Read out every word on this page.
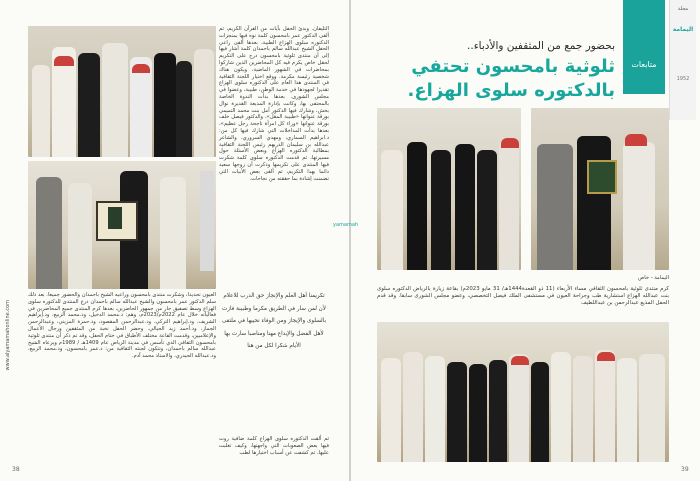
التليفان. وبدئ الحفل بآيات من القرآن الكريم، ثم ألقى الدكتور عمر بامحسون كلمة نوه فيها بمنجزات الدكتوره سلوى الهزاع الطبية، بعدها ألقى راعي الحفل الشيخ عبدالله سالم باحمدان كلمة أشار فيها إلى أن منتدى ثلوثية بامحسون درج على التكريم لحقل خاص يكرم فيه كل المحاضرين الذين شاركوا بمحاضرات في الشهور الماضية، ويكون هناك شخصية رئيسة مكرمة. ووقع اختيار اللجنة الثقافية في المنتدى هذا العام على الدكتوره سلوى الهزاع تقديرا لجهودها في خدمة الوطن، طبيبة، وعضوا في مجلس الشورى. بعدها بدأت الندوة الخاصة بالمحتفى بها، وكانت بإدارة المذيعة القديرة نوال بخش، وشارك فيها الدكتور أمل بنت محمد التميمي بورقة عنوانها «طبيبة المقل»، والدكتور فيصل خلف بورقة عنوانها «وراء كل امرأة ناجحة رجل عظيم»، بعدها بدأت المداخلات التي شارك فيها كل من: د.ابراهيم السماري، ومهدي السروري، والشاعر عبدالله بن سليمان الدريهم رئيس اللجنة الثقافية بمطالبة الدكتوره الهزاع وبعض الأسئلة حول مسيرتها، ثم قدمت الدكتوره سلوى كلمة شكرت فيها المنتدى على تكريمها وذكرت أن زوجها سعيد دائما بهذا التكريم، ثم ألقى بعض الأبيات التي تضمنت إشادة بما حققته من نجاحات.
تكريمنا أهل العلم والإنجاز حق الدرب للاعلام لأن لمن سار في الطريق مكرما وطبيبة فازت بالسلوى والإيجاز ومن الوفاء نحييها في ملتقى لأهل الفضل والإبداع مهنا ومناصبا سارت بها الأيام شكرا لكل من هنا
العيون تحديدا، وشكرت منتدى بامحسون وراعيه الشيخ باحمدان والحضور جميعا. بعد ذلك سلم الدكتور عمر بامحسون والشيخ عبدالله سالم باحمدان درع المنتدى للدكتوره سلوى الهزاع وسط تصفيق حار من جمهور الحاضرين، بعدها كرم المنتدى جميع المحاضرين في فعالياته خلال عام 2022م/2023م، وهم: د.محمد الدخيل، ود.محمد الربيع، ود.إبراهيم الشريف، ود.إبراهيم التركي، ود.عبدالرحمن المقصود، ود.حمزة المزيني، وعبدالرحمن الجماز، ود.أحمد زيد الحيالي. وحضر الحفل نخبة من المثقفين ورجال الأعمال والإعلاميين، وقدمت القاعة مختلف الأطباق في ختام الحفل، وقد تم ذكر أن منتدى ثلوثية بامحسون الثقافي الذي تأسس في مدينة الرياض عام 1409هـ / 1989م ويرعاه الشيخ عبدالله سالم باحمدان، وتتكون لجنته الثقافية من: د.عمر بامحسون، ود.محمد الربيع، ود.عبدالله الحيدري، والاستاذ محمد آدم.
ثم ألقت الدكتوره سلوى الهزاع كلمة ضافية روت فيها بعض الصعوبات التي واجهتها، وكيف تغلبت عليها، ثم كشفت عن أسباب اختيارها لطب
www.alyamamahonline.com
38
متابعات
مجلة
اليمامة
1952
بحضور جمع من المثقفين والأدباء..
ثلوثية بامحسون تحتفي
بالدكتوره سلوى الهزاع.
yamamah
اليمامة - خاص
كرم منتدى ثلوثية بامحسون الثقافي مساء الأربعاء (11 ذو القعدة1444هـ/ 31 مايو 2023م) بقاعة زيارة بالرياض الدكتوره سلوى بنت عبدالله الهزاع استشارية طب وجراحة العيون في مستشفى الملك فيصل التخصصي، وعضو مجلس الشورى سابقا. وقد قدم الحفل المذيع عبدالرحمن بن عبداللطيف
39
